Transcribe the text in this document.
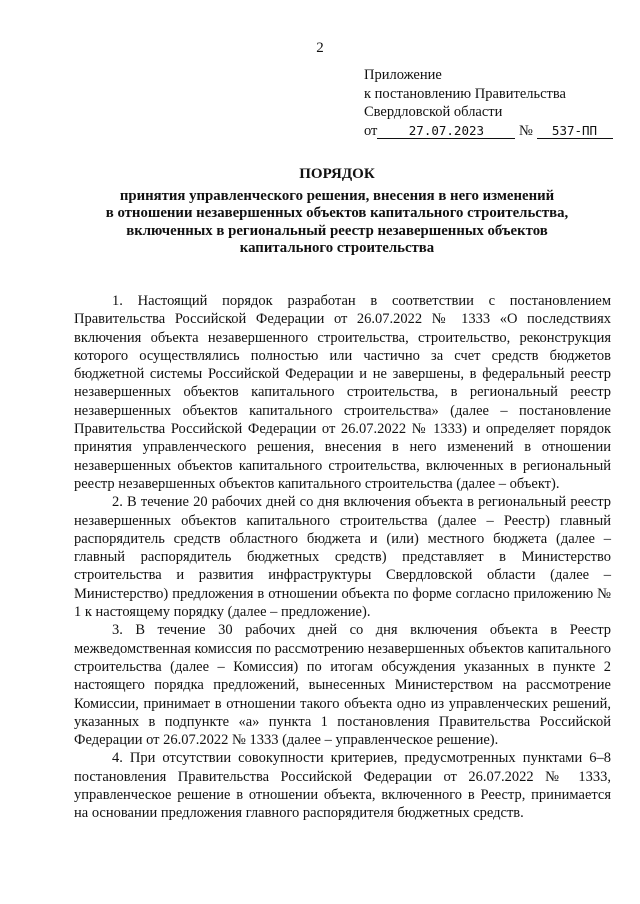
2
Приложение
к постановлению Правительства
Свердловской области
от	27.07.2023 № 537-ПП
ПОРЯДОК
принятия управленческого решения, внесения в него изменений
в отношении незавершенных объектов капитального строительства,
включенных в региональный реестр незавершенных объектов
капитального строительства

1. Настоящий порядок разработан в соответствии с постановлением Правительства Российской Федерации от 26.07.2022 № 1333 «О последствиях включения объекта незавершенного строительства, строительство, реконструкция которого осуществлялись полностью или частично за счет средств бюджетов бюджетной системы Российской Федерации и не завершены, в федеральный реестр незавершенных объектов капитального строительства, в региональный реестр незавершенных объектов капитального строительства» (далее – постановление Правительства Российской Федерации от 26.07.2022 № 1333) и определяет порядок принятия управленческого решения, внесения в него изменений в отношении незавершенных объектов капитального строительства, включенных в региональный реестр незавершенных объектов капитального строительства (далее – объект).

2. В течение 20 рабочих дней со дня включения объекта в региональный реестр незавершенных объектов капитального строительства (далее – Реестр) главный распорядитель средств областного бюджета и (или) местного бюджета (далее – главный распорядитель бюджетных средств) представляет в Министерство строительства и развития инфраструктуры Свердловской области (далее – Министерство) предложения в отношении объекта по форме согласно приложению № 1 к настоящему порядку (далее – предложение).

3. В течение 30 рабочих дней со дня включения объекта в Реестр межведомственная комиссия по рассмотрению незавершенных объектов капитального строительства (далее – Комиссия) по итогам обсуждения указанных в пункте 2 настоящего порядка предложений, вынесенных Министерством на рассмотрение Комиссии, принимает в отношении такого объекта одно из управленческих решений, указанных в подпункте «а» пункта 1 постановления Правительства Российской Федерации от 26.07.2022 № 1333 (далее – управленческое решение).

4. При отсутствии совокупности критериев, предусмотренных пунктами 6–8 постановления Правительства Российской Федерации от 26.07.2022 № 1333, управленческое решение в отношении объекта, включенного в Реестр, принимается на основании предложения главного распорядителя бюджетных средств.
